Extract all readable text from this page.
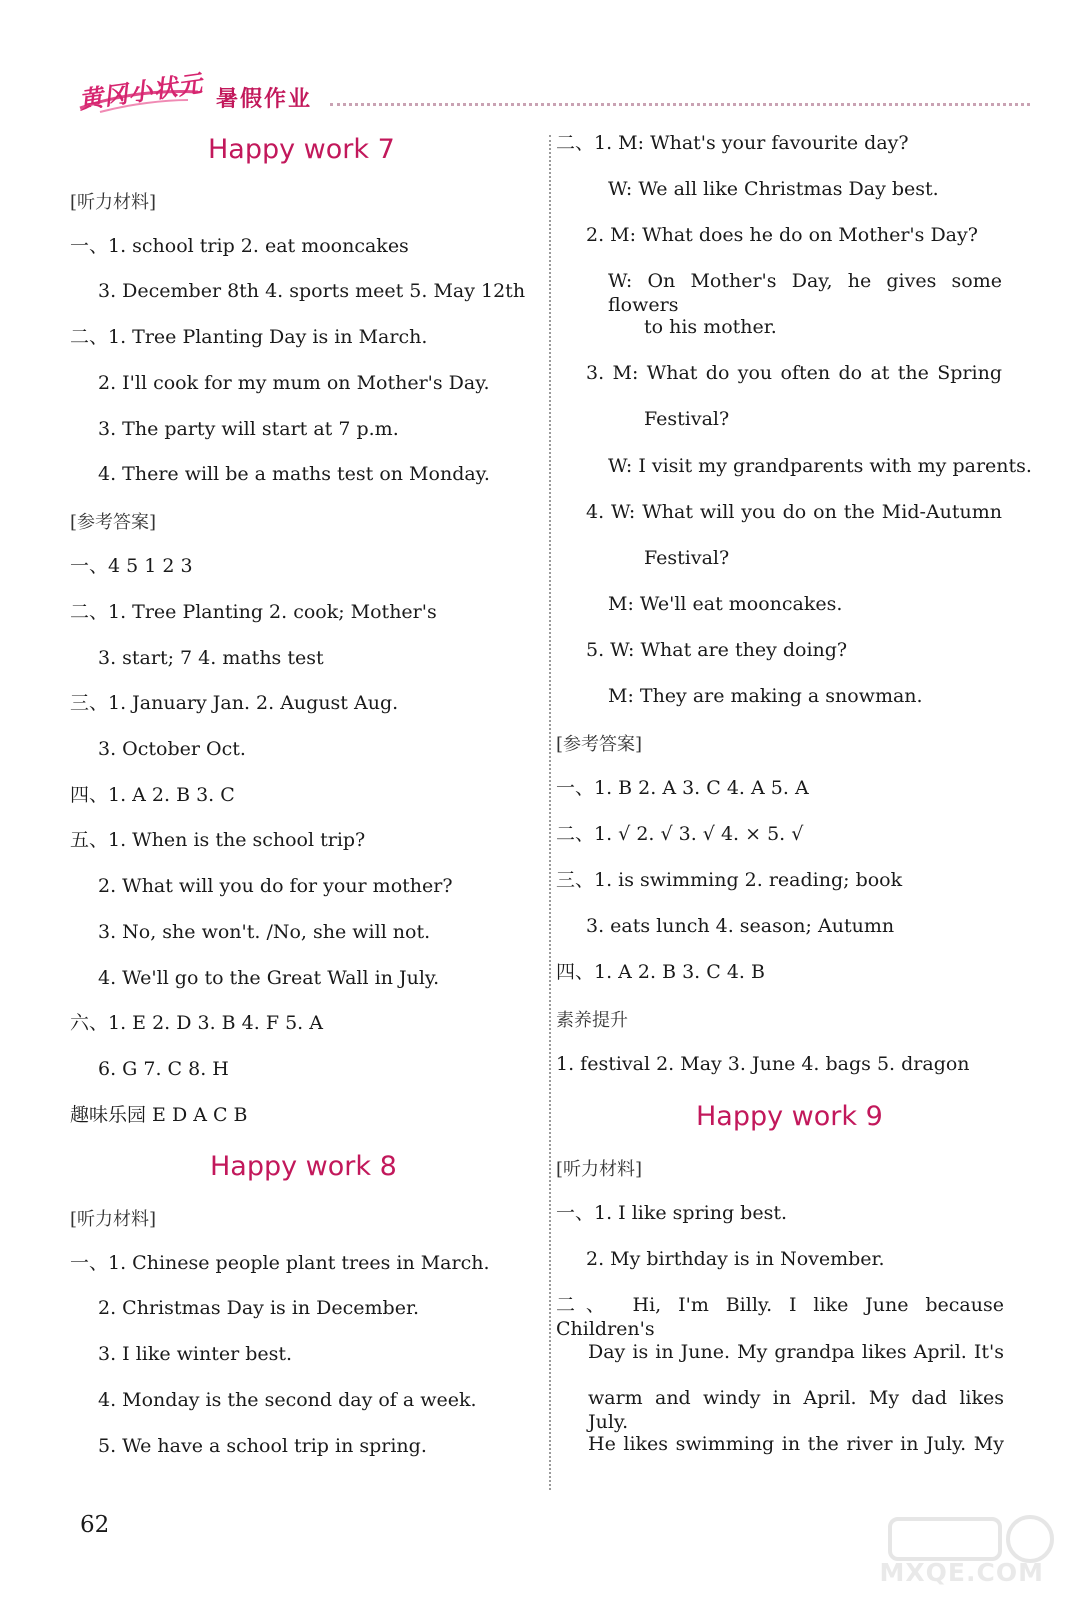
黄冈小状元 暑假作业
Happy work 7
[听力材料]
一、1. school trip 2. eat mooncakes
3. December 8th 4. sports meet 5. May 12th
二、1. Tree Planting Day is in March.
2. I'll cook for my mum on Mother's Day.
3. The party will start at 7 p.m.
4. There will be a maths test on Monday.
[参考答案]
一、4 5 1 2 3
二、1. Tree Planting 2. cook; Mother's
3. start; 7 4. maths test
三、1. January Jan. 2. August Aug.
3. October Oct.
四、1. A 2. B 3. C
五、1. When is the school trip?
2. What will you do for your mother?
3. No, she won't. /No, she will not.
4. We'll go to the Great Wall in July.
六、1. E 2. D 3. B 4. F 5. A
6. G 7. C 8. H
趣味乐园 E D A C B
Happy work 8
[听力材料]
一、1. Chinese people plant trees in March.
2. Christmas Day is in December.
3. I like winter best.
4. Monday is the second day of a week.
5. We have a school trip in spring.
二、1. M: What's your favourite day?
W: We all like Christmas Day best.
2. M: What does he do on Mother's Day?
W: On Mother's Day, he gives some flowers
to his mother.
3. M: What do you often do at the Spring
Festival?
W: I visit my grandparents with my parents.
4. W: What will you do on the Mid-Autumn
Festival?
M: We'll eat mooncakes.
5. W: What are they doing?
M: They are making a snowman.
[参考答案]
一、1. B 2. A 3. C 4. A 5. A
二、1. √ 2. √ 3. √ 4. × 5. √
三、1. is swimming 2. reading; book
3. eats lunch 4. season; Autumn
四、1. A 2. B 3. C 4. B
素养提升
1. festival 2. May 3. June 4. bags 5. dragon
Happy work 9
[听力材料]
一、1. I like spring best.
2. My birthday is in November.
二、 Hi, I'm Billy. I like June because Children's
Day is in June. My grandpa likes April. It's
warm and windy in April. My dad likes July.
He likes swimming in the river in July. My
62
MXQE.COM
